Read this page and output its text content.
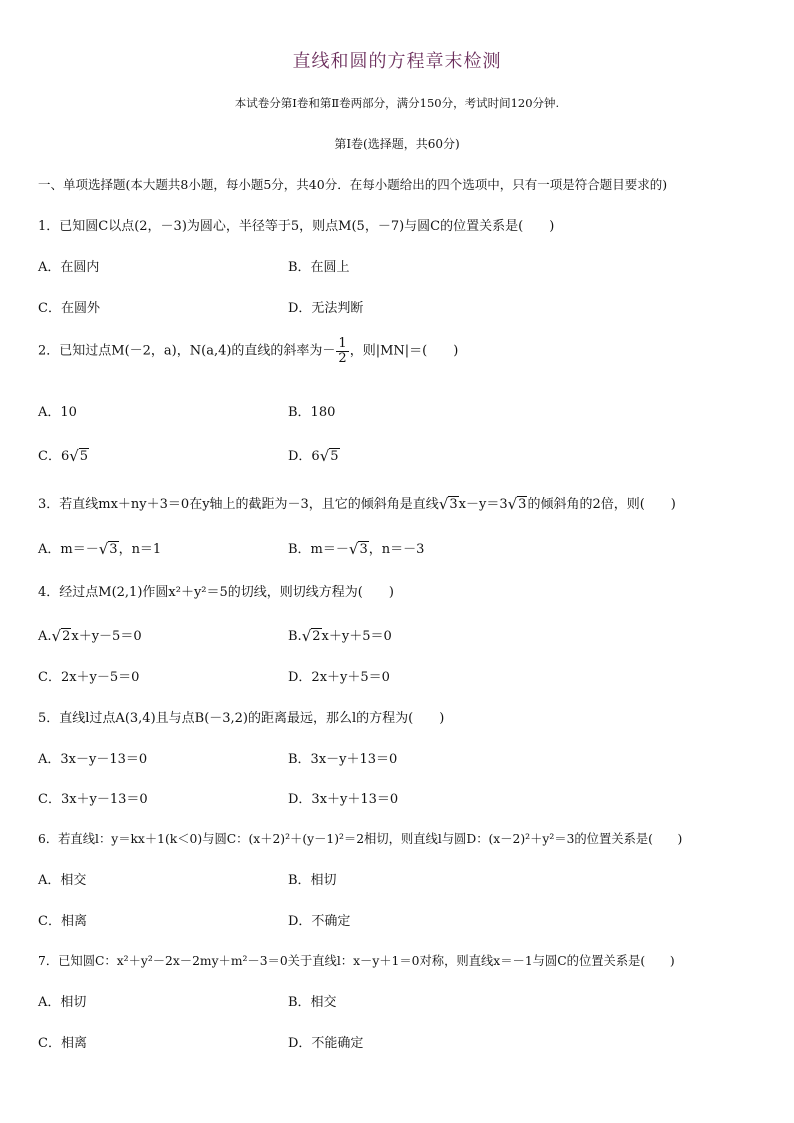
直线和圆的方程章末检测
本试卷分第Ⅰ卷和第Ⅱ卷两部分，满分150分，考试时间120分钟.
第Ⅰ卷(选择题，共60分)
一、单项选择题(本大题共8小题，每小题5分，共40分．在每小题给出的四个选项中，只有一项是符合题目要求的)
1．已知圆C以点(2，－3)为圆心，半径等于5，则点M(5，－7)与圆C的位置关系是(　　)
A．在圆内	B．在圆上
C．在圆外	D．无法判断
2．已知过点M(－2，a)，N(a,4)的直线的斜率为－ $\frac{1}{2}$ ，则|MN|＝(　　)
A．10	B．180
C．6√5	D．6√5
3．若直线mx＋ny＋3＝0在y轴上的截距为－3，且它的倾斜角是直线√3x－y＝3√3的倾斜角的2倍，则(　　)
A．m＝－√3，n＝1	B．m＝－√3，n＝－3
4．经过点M(2,1)作圆x²＋y²＝5的切线，则切线方程为(　　)
A.√2x＋y－5＝0	B.√2x＋y＋5＝0
C．2x＋y－5＝0	D．2x＋y＋5＝0
5．直线l过点A(3,4)且与点B(－3,2)的距离最远，那么l的方程为(　　)
A．3x－y－13＝0	B．3x－y＋13＝0
C．3x＋y－13＝0	D．3x＋y＋13＝0
6．若直线l：y＝kx＋1(k＜0)与圆C：(x＋2)²＋(y－1)²＝2相切，则直线l与圆D：(x－2)²＋y²＝3的位置关系是(　　)
A．相交	B．相切
C．相离	D．不确定
7．已知圆C：x²＋y²－2x－2my＋m²－3＝0关于直线l：x－y＋1＝0对称，则直线x＝－1与圆C的位置关系是(　　)
A．相切	B．相交
C．相离	D．不能确定
